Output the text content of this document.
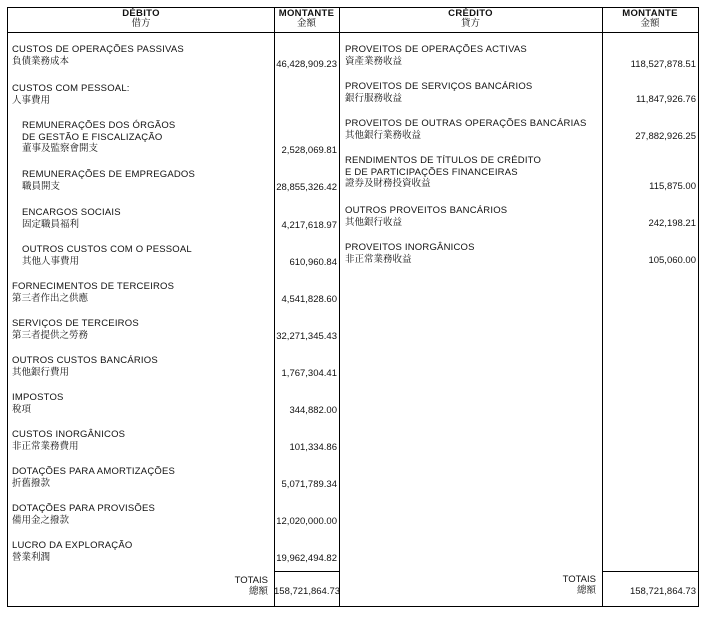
DÉBITO
借方
MONTANTE
金額
CRÉDITO
貸方
MONTANTE
金額
CUSTOS DE OPERAÇÕES PASSIVAS
負債業務成本	46,428,909.23
CUSTOS COM PESSOAL:
人事費用
REMUNERAÇÕES DOS ÓRGÃOS
DE GESTÃO E FISCALIZAÇÃO
董事及監察會開支	2,528,069.81
REMUNERAÇÕES DE EMPREGADOS
職員開支	28,855,326.42
ENCARGOS SOCIAIS
固定職員福利	4,217,618.97
OUTROS CUSTOS COM O PESSOAL
其他人事費用	610,960.84
FORNECIMENTOS DE TERCEIROS
第三者作出之供應	4,541,828.60
SERVIÇOS DE TERCEIROS
第三者提供之勞務	32,271,345.43
OUTROS CUSTOS BANCÁRIOS
其他銀行費用	1,767,304.41
IMPOSTOS
稅項	344,882.00
CUSTOS INORGÂNICOS
非正常業務費用	101,334.86
DOTAÇÕES PARA AMORTIZAÇÕES
折舊撥款	5,071,789.34
DOTAÇÕES PARA PROVISÕES
備用金之撥款	12,020,000.00
LUCRO DA EXPLORAÇÃO
營業利潤	19,962,494.82
PROVEITOS DE OPERAÇÕES ACTIVAS
資產業務收益	118,527,878.51
PROVEITOS DE SERVIÇOS BANCÁRIOS
銀行服務收益	11,847,926.76
PROVEITOS DE OUTRAS OPERAÇÕES BANCÁRIAS
其他銀行業務收益	27,882,926.25
RENDIMENTOS DE TÍTULOS DE CRÉDITO
E DE PARTICIPAÇÕES FINANCEIRAS
證券及財務投資收益	115,875.00
OUTROS PROVEITOS BANCÁRIOS
其他銀行收益	242,198.21
PROVEITOS INORGÂNICOS
非正常業務收益	105,060.00
TOTAIS
總額 158,721,864.73
TOTAIS
總額	158,721,864.73
